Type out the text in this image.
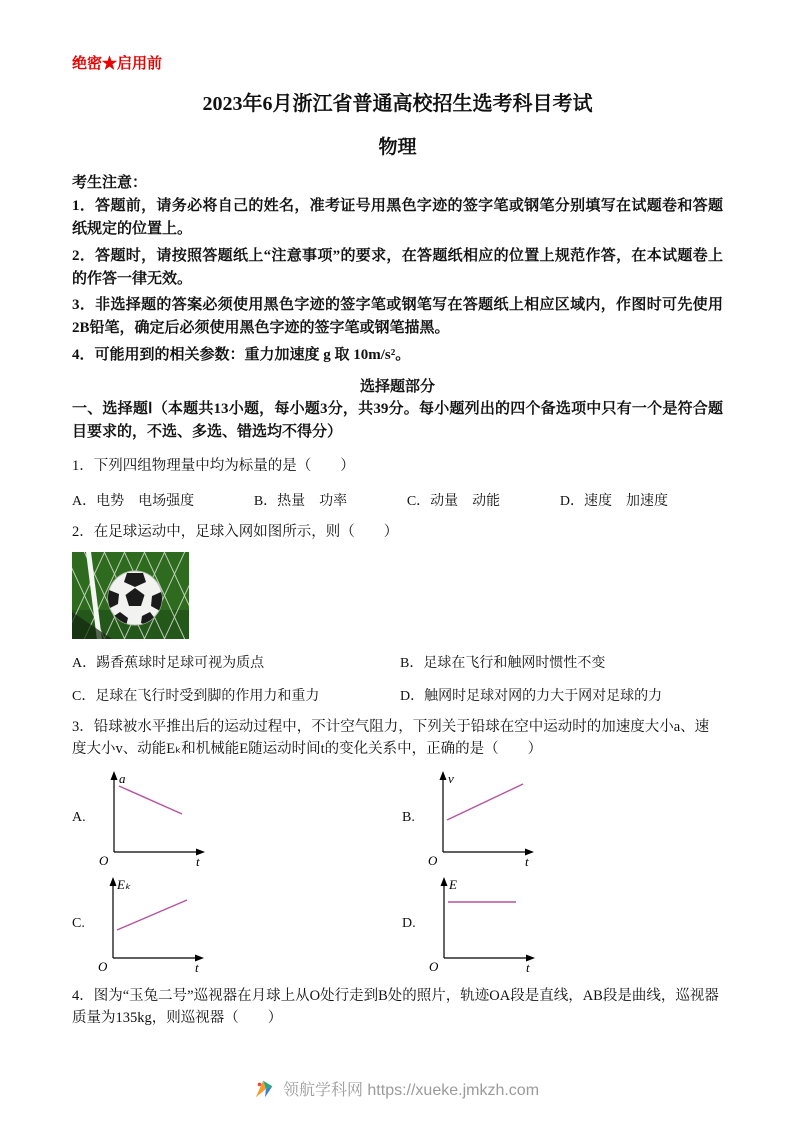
绝密★启用前
2023年6月浙江省普通高校招生选考科目考试
物理
考生注意：

1．答题前，请务必将自己的姓名，准考证号用黑色字迹的签字笔或钢笔分别填写在试题卷和答题纸规定的位置上。

2．答题时，请按照答题纸上“注意事项”的要求，在答题纸相应的位置上规范作答，在本试题卷上的作答一律无效。

3．非选择题的答案必须使用黑色字迹的签字笔或钢笔写在答题纸上相应区域内，作图时可先使用2B铅笔，确定后必须使用黑色字迹的签字笔或钢笔描黑。

4．可能用到的相关参数：重力加速度 g 取 10m/s²。

选择题部分

一、选择题Ⅰ（本题共13小题，每小题3分，共39分。每小题列出的四个备选项中只有一个是符合题目要求的，不选、多选、错选均不得分）

1．下列四组物理量中均为标量的是（　　）

A．电势　电场强度	B．热量　功率	C．动量　动能	D．速度　加速度

2．在足球运动中，足球入网如图所示，则（　　）

A．踢香蕉球时足球可视为质点	B．足球在飞行和触网时惯性不变
C．足球在飞行时受到脚的作用力和重力	D．触网时足球对网的力大于网对足球的力

3．铅球被水平推出后的运动过程中，不计空气阻力，下列关于铅球在空中运动时的加速度大小a、速度大小v、动能Eₖ和机械能E随运动时间t的变化关系中，正确的是（　　）

A.
a
t
O
B.
v
t
O
C.
Eₖ
t
O
D.
E
t
O

4．图为“玉兔二号”巡视器在月球上从O处行走到B处的照片，轨迹OA段是直线，AB段是曲线，巡视器质量为135kg，则巡视器（　　）

领航学科网 https://xueke.jmkzh.com
